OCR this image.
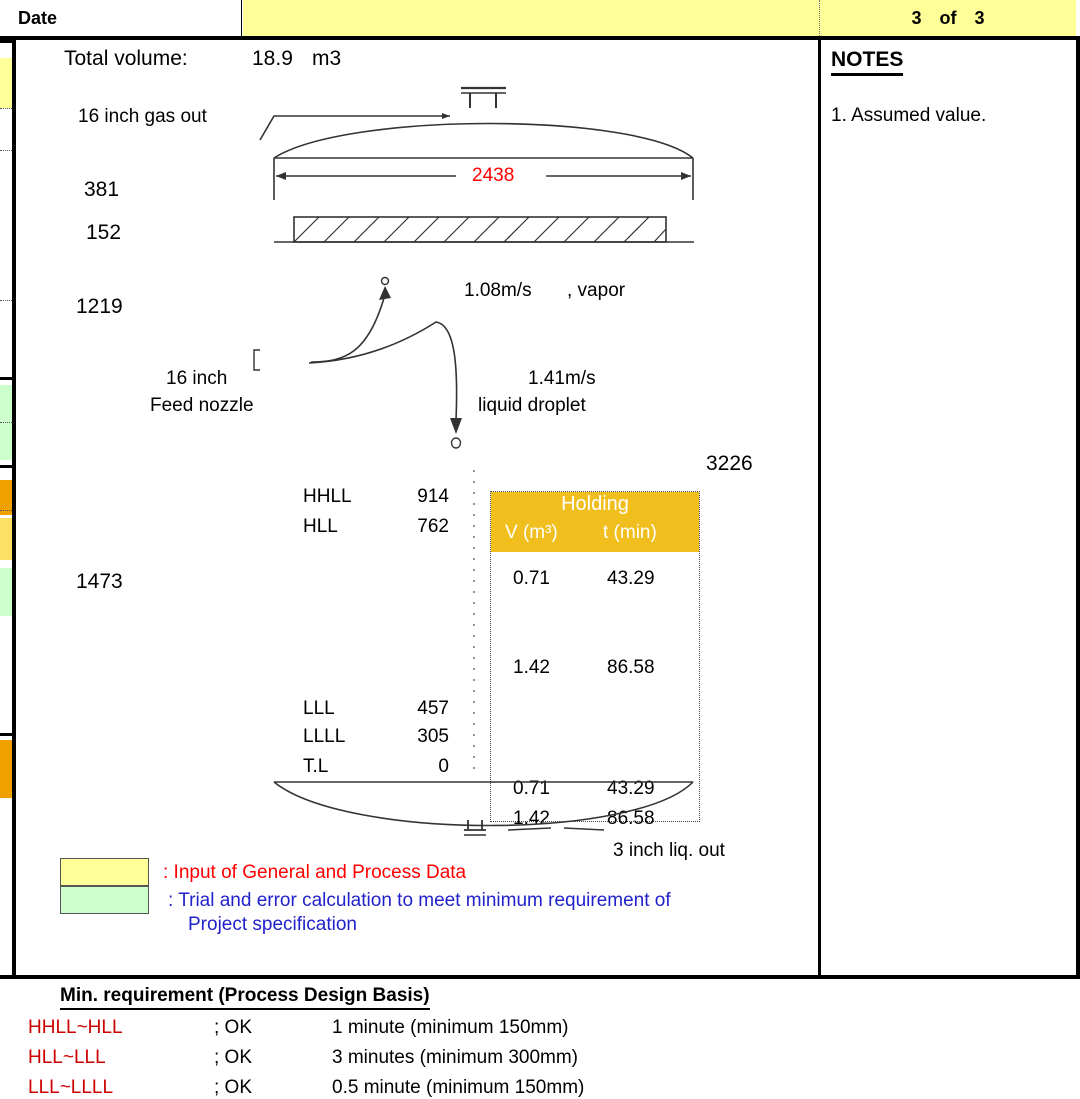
Date	3 of 3
Total volume:	18.9 m3
16 inch gas out
381
152
1219
1473
16 inch
Feed nozzle
1.08m/s , vapor
1.41m/s
liquid droplet
2438
3226
3 inch liq. out
HHLL	914
HLL	762
LLL	457
LLLL	305
T.L	0
Holding
V (m³) t (min)
0.71	43.29
1.42	86.58
0.71	43.29
1.42	86.58
: Input of General and Process Data
: Trial and error calculation to meet minimum requirement of
Project specification
NOTES
1. Assumed value.
Min. requirement (Process Design Basis)
HHLL~HLL	; OK	1 minute (minimum 150mm)
HLL~LLL	; OK	3 minutes (minimum 300mm)
LLL~LLLL	; OK	0.5 minute (minimum 150mm)
